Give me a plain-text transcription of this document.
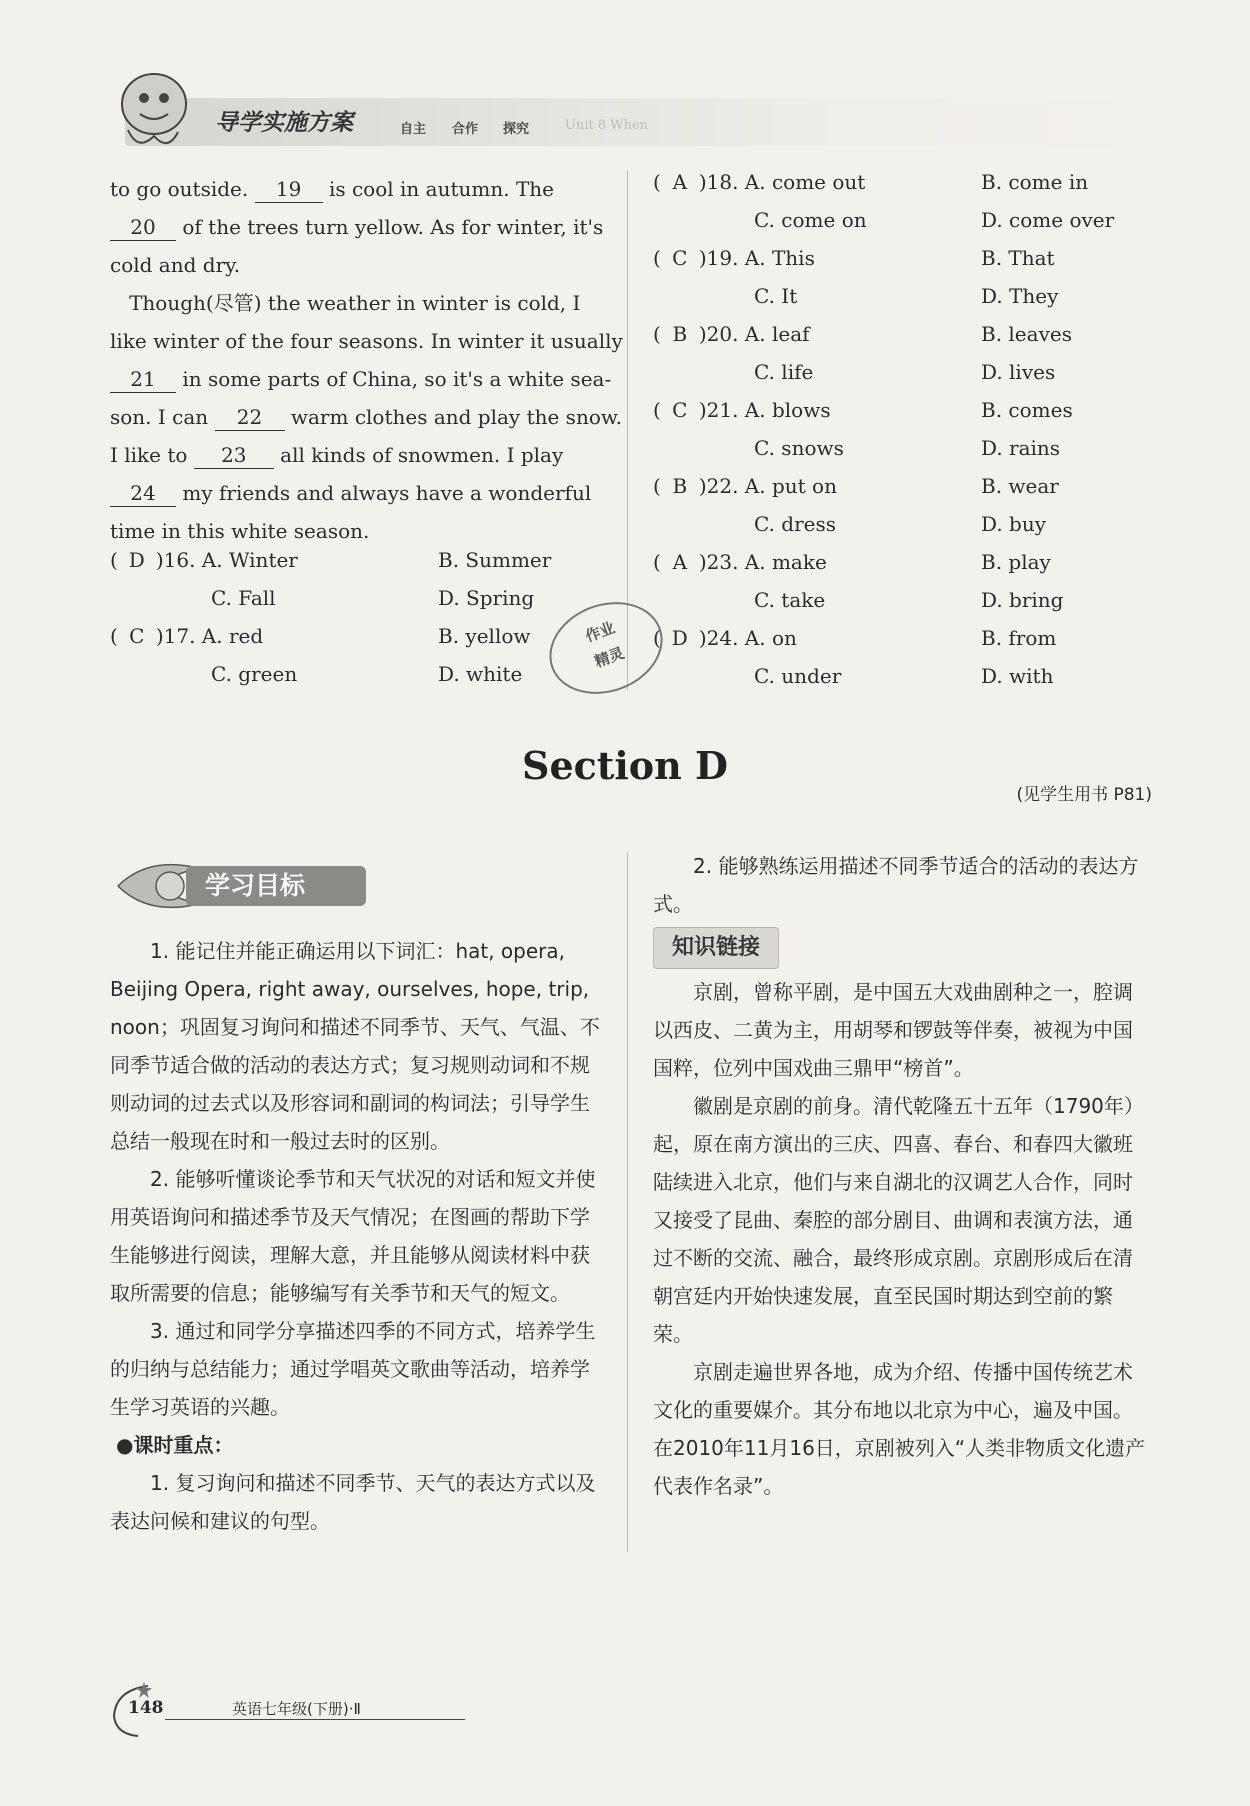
导学实施方案	自主 合作 探究	Unit 8 When
to go outside. 19 is cool in autumn. The
20 of the trees turn yellow. As for winter, it's
cold and dry.
Though(尽管) the weather in winter is cold, I
like winter of the four seasons. In winter it usually
21 in some parts of China, so it's a white sea-
son. I can 22 warm clothes and play the snow.
I like to 23 all kinds of snowmen. I play
24 my friends and always have a wonderful
time in this white season.
( D )16. A. Winter	B. Summer
C. Fall	D. Spring
( C )17. A. red	B. yellow
C. green	D. white
作业
精灵
( A )18. A. come out	B. come in
C. come on	D. come over
( C )19. A. This	B. That
C. It	D. They
( B )20. A. leaf	B. leaves
C. life	D. lives
( C )21. A. blows	B. comes
C. snows	D. rains
( B )22. A. put on	B. wear
C. dress	D. buy
( A )23. A. make	B. play
C. take	D. bring
( D )24. A. on	B. from
C. under	D. with
Section D
(见学生用书 P81)
学习目标

1. 能记住并能正确运用以下词汇：hat, opera, Beijing Opera, right away, ourselves, hope, trip, noon；巩固复习询问和描述不同季节、天气、气温、不同季节适合做的活动的表达方式；复习规则动词和不规则动词的过去式以及形容词和副词的构词法；引导学生总结一般现在时和一般过去时的区别。

2. 能够听懂谈论季节和天气状况的对话和短文并使用英语询问和描述季节及天气情况；在图画的帮助下学生能够进行阅读，理解大意，并且能够从阅读材料中获取所需要的信息；能够编写有关季节和天气的短文。

3. 通过和同学分享描述四季的不同方式，培养学生的归纳与总结能力；通过学唱英文歌曲等活动，培养学生学习英语的兴趣。

●课时重点：

1. 复习询问和描述不同季节、天气的表达方式以及表达问候和建议的句型。

2. 能够熟练运用描述不同季节适合的活动的表达方式。

知识链接

京剧，曾称平剧，是中国五大戏曲剧种之一，腔调以西皮、二黄为主，用胡琴和锣鼓等伴奏，被视为中国国粹，位列中国戏曲三鼎甲“榜首”。

徽剧是京剧的前身。清代乾隆五十五年（1790年）起，原在南方演出的三庆、四喜、春台、和春四大徽班陆续进入北京，他们与来自湖北的汉调艺人合作，同时又接受了昆曲、秦腔的部分剧目、曲调和表演方法，通过不断的交流、融合，最终形成京剧。京剧形成后在清朝宫廷内开始快速发展，直至民国时期达到空前的繁荣。

京剧走遍世界各地，成为介绍、传播中国传统艺术文化的重要媒介。其分布地以北京为中心，遍及中国。在2010年11月16日，京剧被列入“人类非物质文化遗产代表作名录”。

148	英语七年级(下册)·Ⅱ
